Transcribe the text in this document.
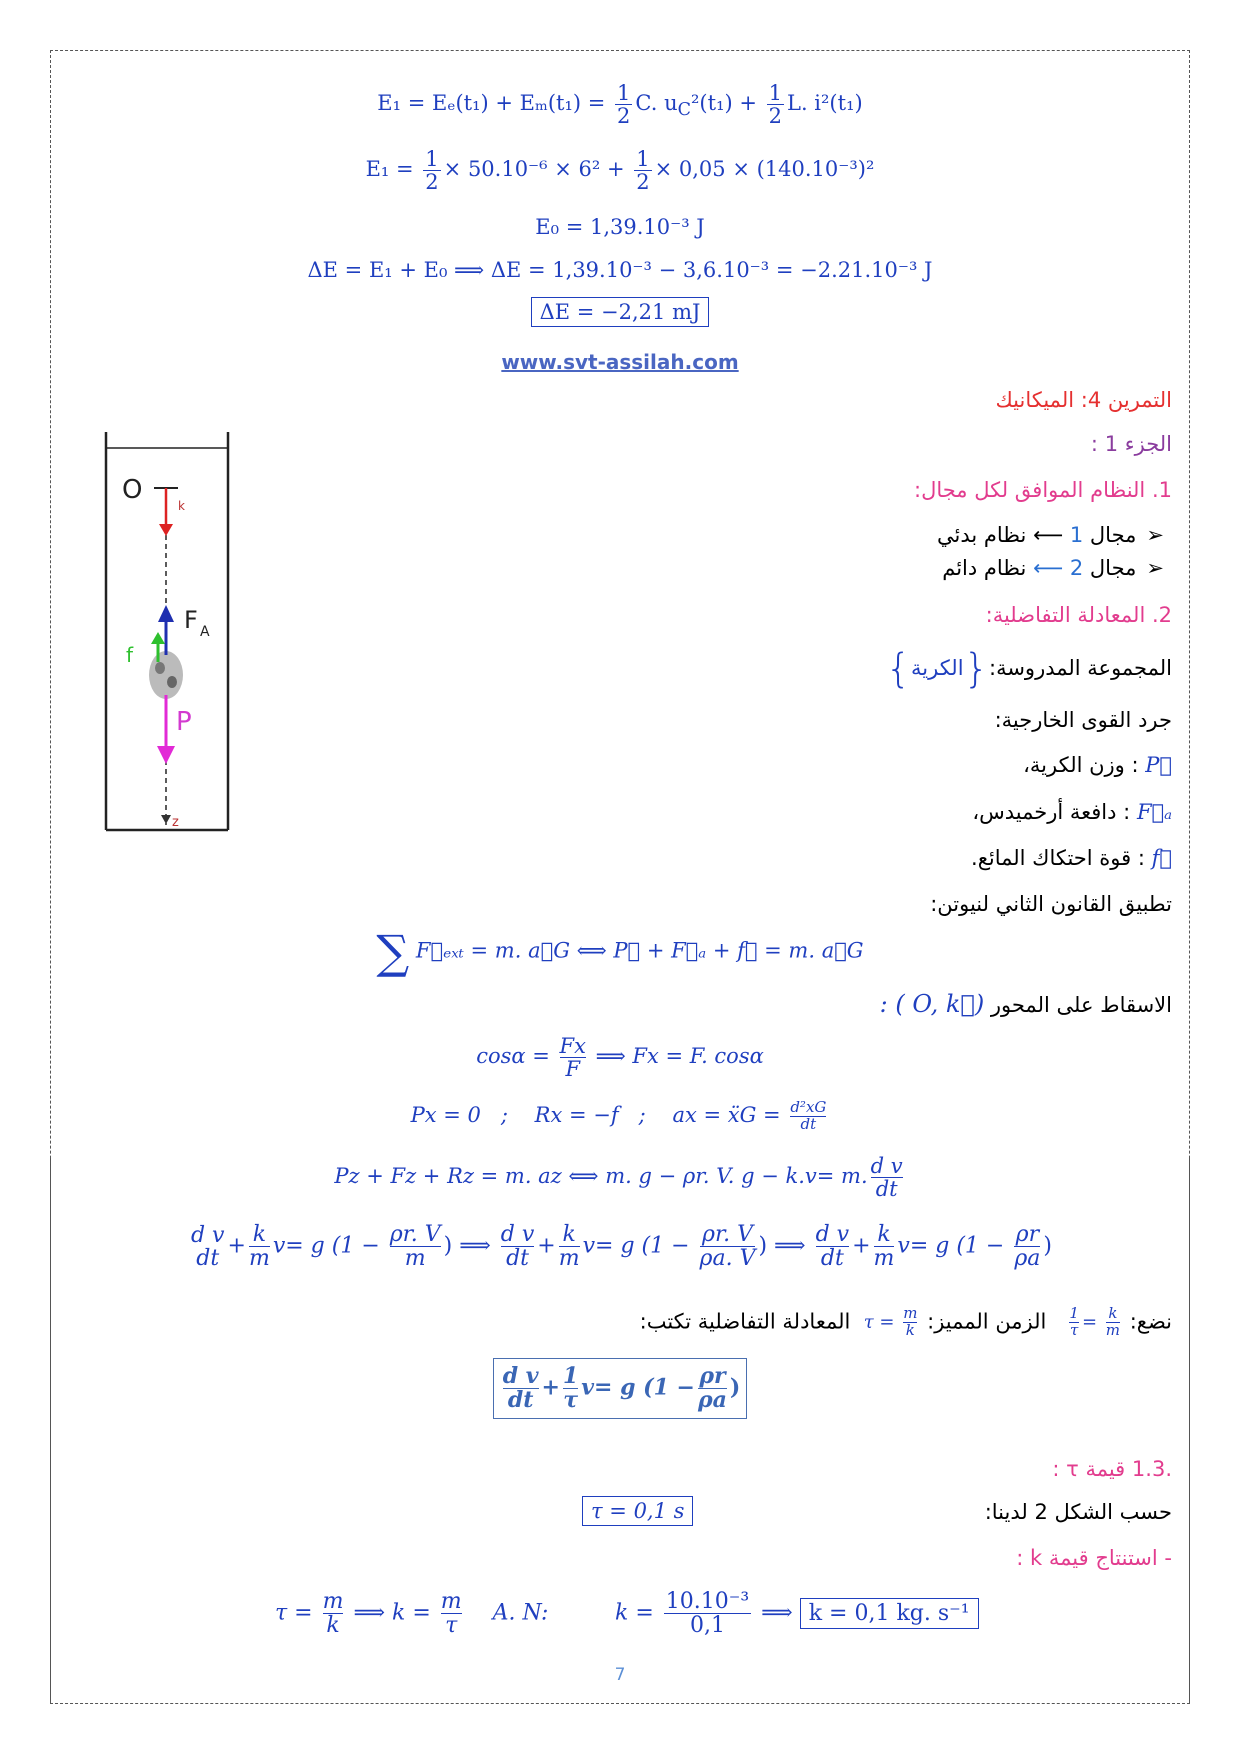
$E_1 = E_e(t_1) + E_m(t_1) = \frac{1}{2} C$. $u_C^2(t_1) + \frac{1}{2} L$. i²(t₁)
$E_1 = \frac{1}{2} \times 50.10^{-6} \times 6^2 + \frac{1}{2} \times 0,05 \times (140.10^{-3})^2$
E₀ = 1,39.10⁻³ J
ΔE = E₁ + E₀ ⟹ ΔE = 1,39.10⁻³ − 3,6.10⁻³ = −2.21.10⁻³ J
ΔE = −2,21 mJ
www.svt-assilah.com
التمرين 4: الميكانيك
الجزء 1 :
1. النظام الموافق لكل مجال:
➢مجال 1 ⟵ نظام بدئي
➢مجال 2 ⟵ نظام دائم
2. المعادلة التفاضلية:
المجموعة المدروسة:{الكرية}
جرد القوى الخارجية:
P⃗ : وزن الكرية،
F⃗ₐ : دافعة أرخميدس،
f⃗ : قوة احتكاك المائع.
تطبيق القانون الثاني لنيوتن:
∑ F⃗ₑₓₜ = m. a⃗G ⟺ P⃗ + F⃗ₐ + f⃗ = m. a⃗G
الاسقاط على المحور (O, k⃗ ) :
$\cos\alpha = \frac{Fx}{F}$ ⟹ Fx = F. cosα
Px = 0   ;    Rx = −f   ;    ax = ẍG = $\frac{\text{d²xG}}{dt}$
Pz + Fz + Rz = m. az ⟺ m. g − ρr. V. g − k.v= m. $\frac{\text{d v}}{dt}$
d v
dt + $\frac{k}{m} v= g$ ($1 - \frac{\rho r. V}{m}$ ) ⟹ $\frac{\text{d v}}{dt} + \frac{k}{m} v= g$ ($1 - \frac{\rho r. V}{\rho a. V}$ ) ⟹ $\frac{\text{d v}}{dt} + \frac{k}{m} v= g$ ($1 - \frac{\rho r}{\rho a}$ )
نضع:
$\frac{1}{\tau} = \frac{k}{m}$
الزمن المميز: $\tau = \frac{m}{k}$
المعادلة التفاضلية تكتب:
$\frac{\text{d v}}{dt} + \frac{1}{\tau} v= g$ ($1 - \frac{\rho r}{\rho a}$ )
.1.3 قيمة τ :
حسب الشكل 2 لدينا:
τ = 0,1 s
- استنتاج قيمة k :
$\tau = \frac{m}{k}$ ⟹ $k = \frac{m}{\tau} A$. N:	$k = \frac{\text{10.10⁻³}}{0,1}$ ⟹ k = 0,1 kg. s⁻¹
7
O
k
F A
f
P
z
